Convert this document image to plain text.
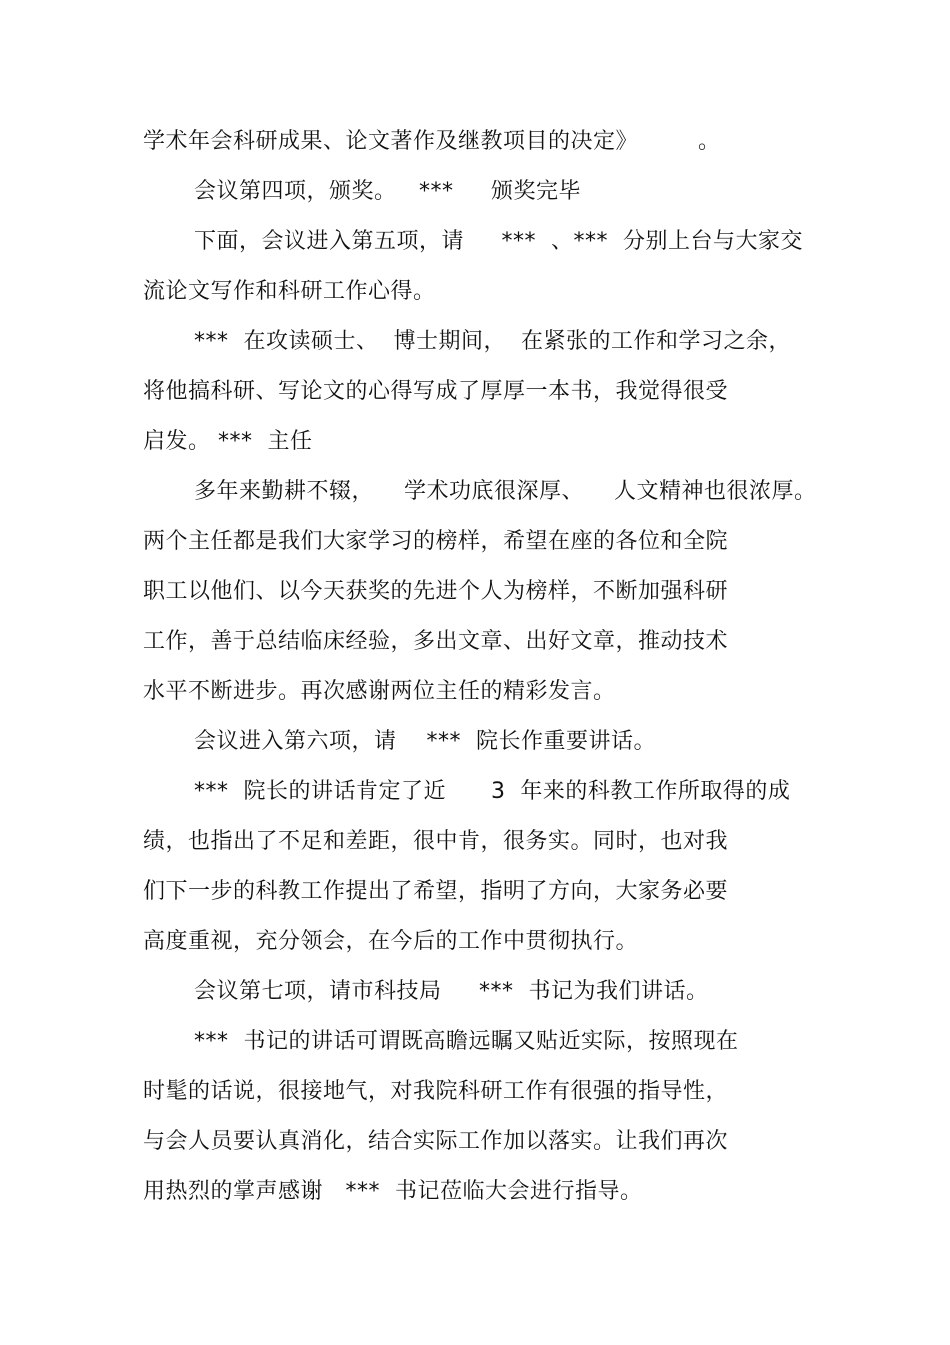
学术年会科研成果、论文著作及继教项目的决定》        。
会议第四项，颁奖。   ***     颁奖完毕
下面，会议进入第五项，请     ***  、***  分别上台与大家交
流论文写作和科研工作心得。
***  在攻读硕士、  博士期间，  在紧张的工作和学习之余，
将他搞科研、写论文的心得写成了厚厚一本书，我觉得很受
启发。 ***  主任
多年来勤耕不辍，    学术功底很深厚、    人文精神也很浓厚。
两个主任都是我们大家学习的榜样，希望在座的各位和全院
职工以他们、以今天获奖的先进个人为榜样，不断加强科研
工作，善于总结临床经验，多出文章、出好文章，推动技术
水平不断进步。再次感谢两位主任的精彩发言。
会议进入第六项，请    ***  院长作重要讲话。
***  院长的讲话肯定了近      3  年来的科教工作所取得的成
绩，也指出了不足和差距，很中肯，很务实。同时，也对我
们下一步的科教工作提出了希望，指明了方向，大家务必要
高度重视，充分领会，在今后的工作中贯彻执行。
会议第七项，请市科技局     ***  书记为我们讲话。
***  书记的讲话可谓既高瞻远瞩又贴近实际，按照现在
时髦的话说，很接地气，对我院科研工作有很强的指导性，
与会人员要认真消化，结合实际工作加以落实。让我们再次
用热烈的掌声感谢   ***  书记莅临大会进行指导。
